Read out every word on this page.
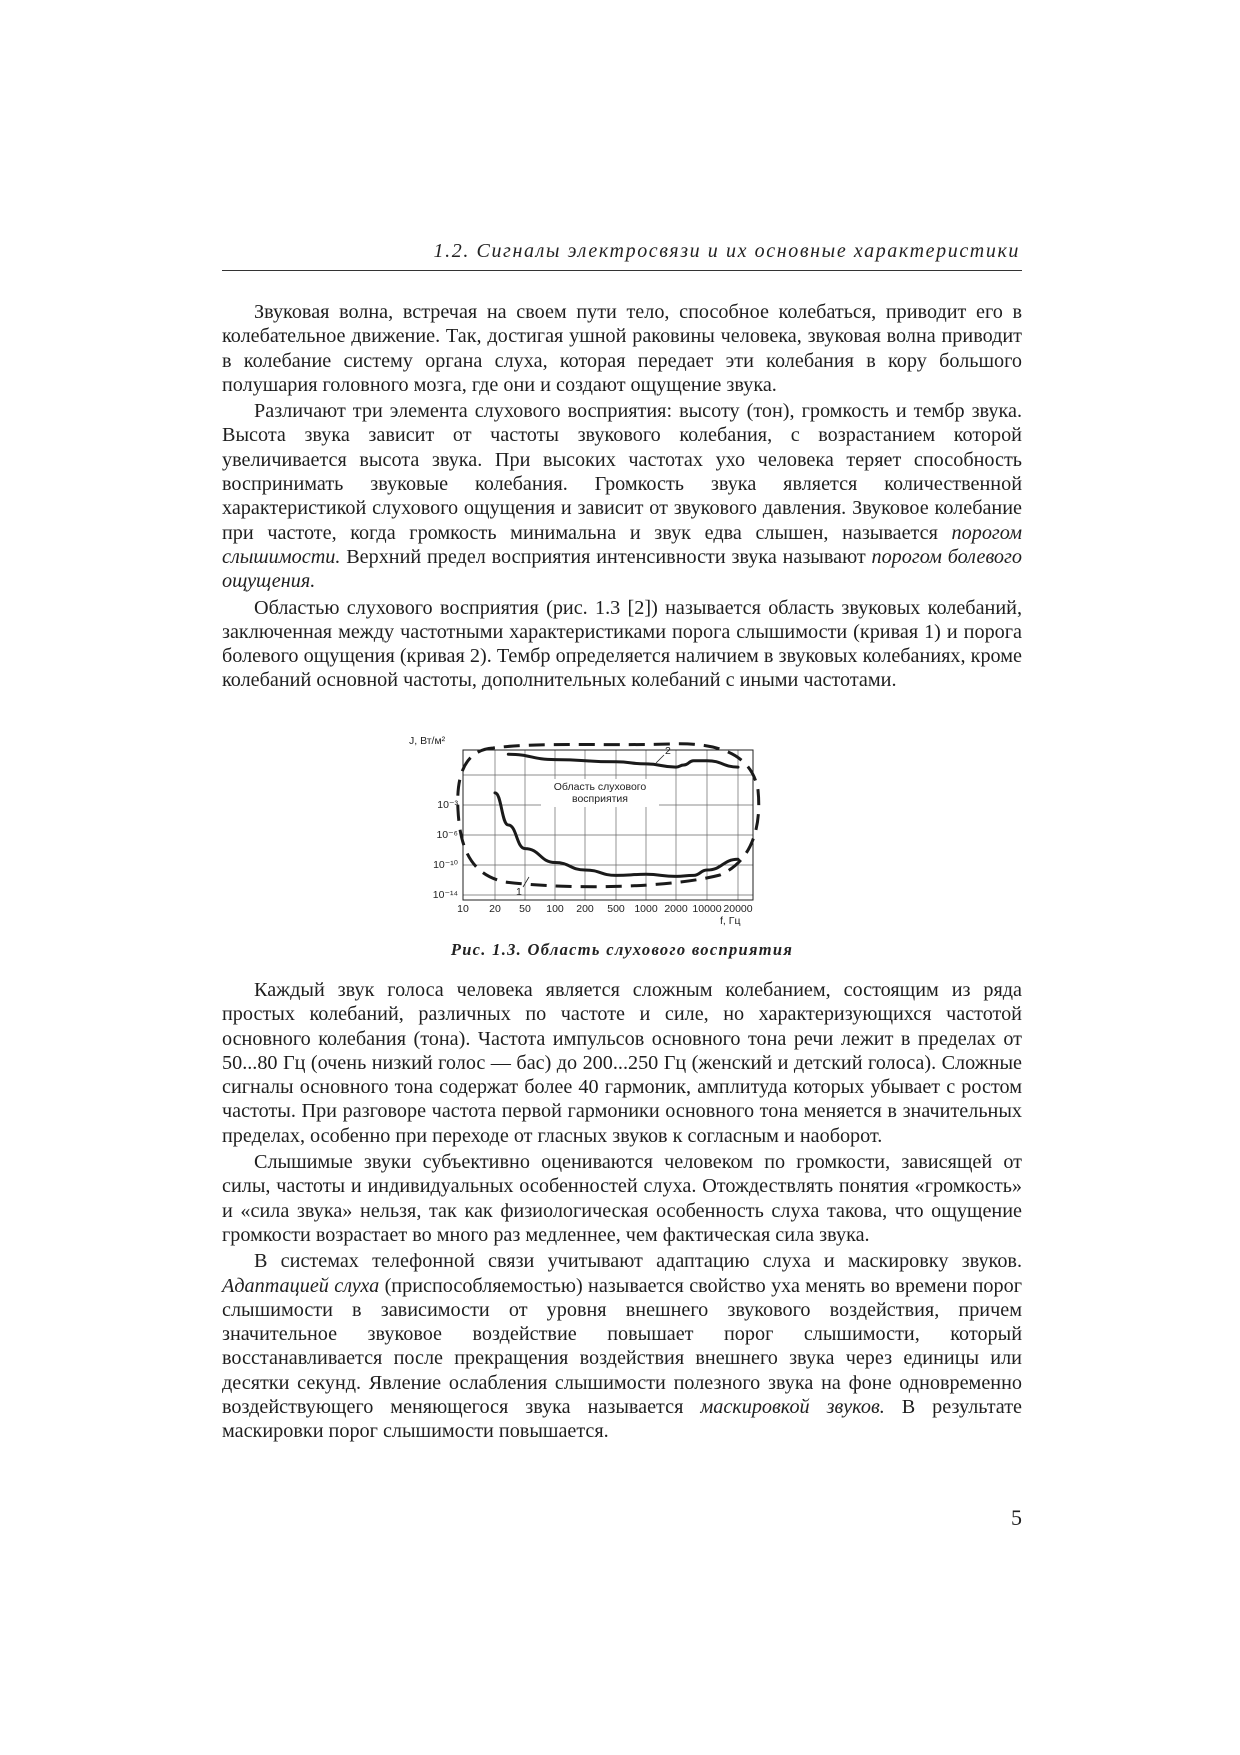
1.2. Сигналы электросвязи и их основные характеристики

Звуковая волна, встречая на своем пути тело, способное колебаться, приводит его в колебательное движение. Так, достигая ушной раковины человека, звуковая волна приводит в колебание систему органа слуха, которая передает эти колебания в кору большого полушария головного мозга, где они и создают ощущение звука.

Различают три элемента слухового восприятия: высоту (тон), громкость и тембр звука. Высота звука зависит от частоты звукового колебания, с возрастанием которой увеличивается высота звука. При высоких частотах ухо человека теряет способность воспринимать звуковые колебания. Громкость звука является количественной характеристикой слухового ощущения и зависит от звукового давления. Звуковое колебание при частоте, когда громкость минимальна и звук едва слышен, называется порогом слышимости. Верхний предел восприятия интенсивности звука называют порогом болевого ощущения.

Областью слухового восприятия (рис. 1.3 [2]) называется область звуковых колебаний, заключенная между частотными характеристиками порога слышимости (кривая 1) и порога болевого ощущения (кривая 2). Тембр определяется наличием в звуковых колебаниях, кроме колебаний основной частоты, дополнительных колебаний с иными частотами.

10 20 50 100 200 500 1000 2000 10000 20000
10⁻¹⁴
10⁻¹⁰
10⁻⁶
10⁻³
Область слухового
восприятия
2
1
J, Вт/м²
f, Гц
Рис. 1.3. Область слухового восприятия

Каждый звук голоса человека является сложным колебанием, состоящим из ряда простых колебаний, различных по частоте и силе, но характеризующихся частотой основного колебания (тона). Частота импульсов основного тона речи лежит в пределах от 50...80 Гц (очень низкий голос — бас) до 200...250 Гц (женский и детский голоса). Сложные сигналы основного тона содержат более 40 гармоник, амплитуда которых убывает с ростом частоты. При разговоре частота первой гармоники основного тона меняется в значительных пределах, особенно при переходе от гласных звуков к согласным и наоборот.

Слышимые звуки субъективно оцениваются человеком по громкости, зависящей от силы, частоты и индивидуальных особенностей слуха. Отождествлять понятия «громкость» и «сила звука» нельзя, так как физиологическая особенность слуха такова, что ощущение громкости возрастает во много раз медленнее, чем фактическая сила звука.

В системах телефонной связи учитывают адаптацию слуха и маскировку звуков. Адаптацией слуха (приспособляемостью) называется свойство уха менять во времени порог слышимости в зависимости от уровня внешнего звукового воздействия, причем значительное звуковое воздействие повышает порог слышимости, который восстанавливается после прекращения воздействия внешнего звука через единицы или десятки секунд. Явление ослабления слышимости полезного звука на фоне одновременно воздействующего меняющегося звука называется маскировкой звуков. В результате маскировки порог слышимости повышается.

5
